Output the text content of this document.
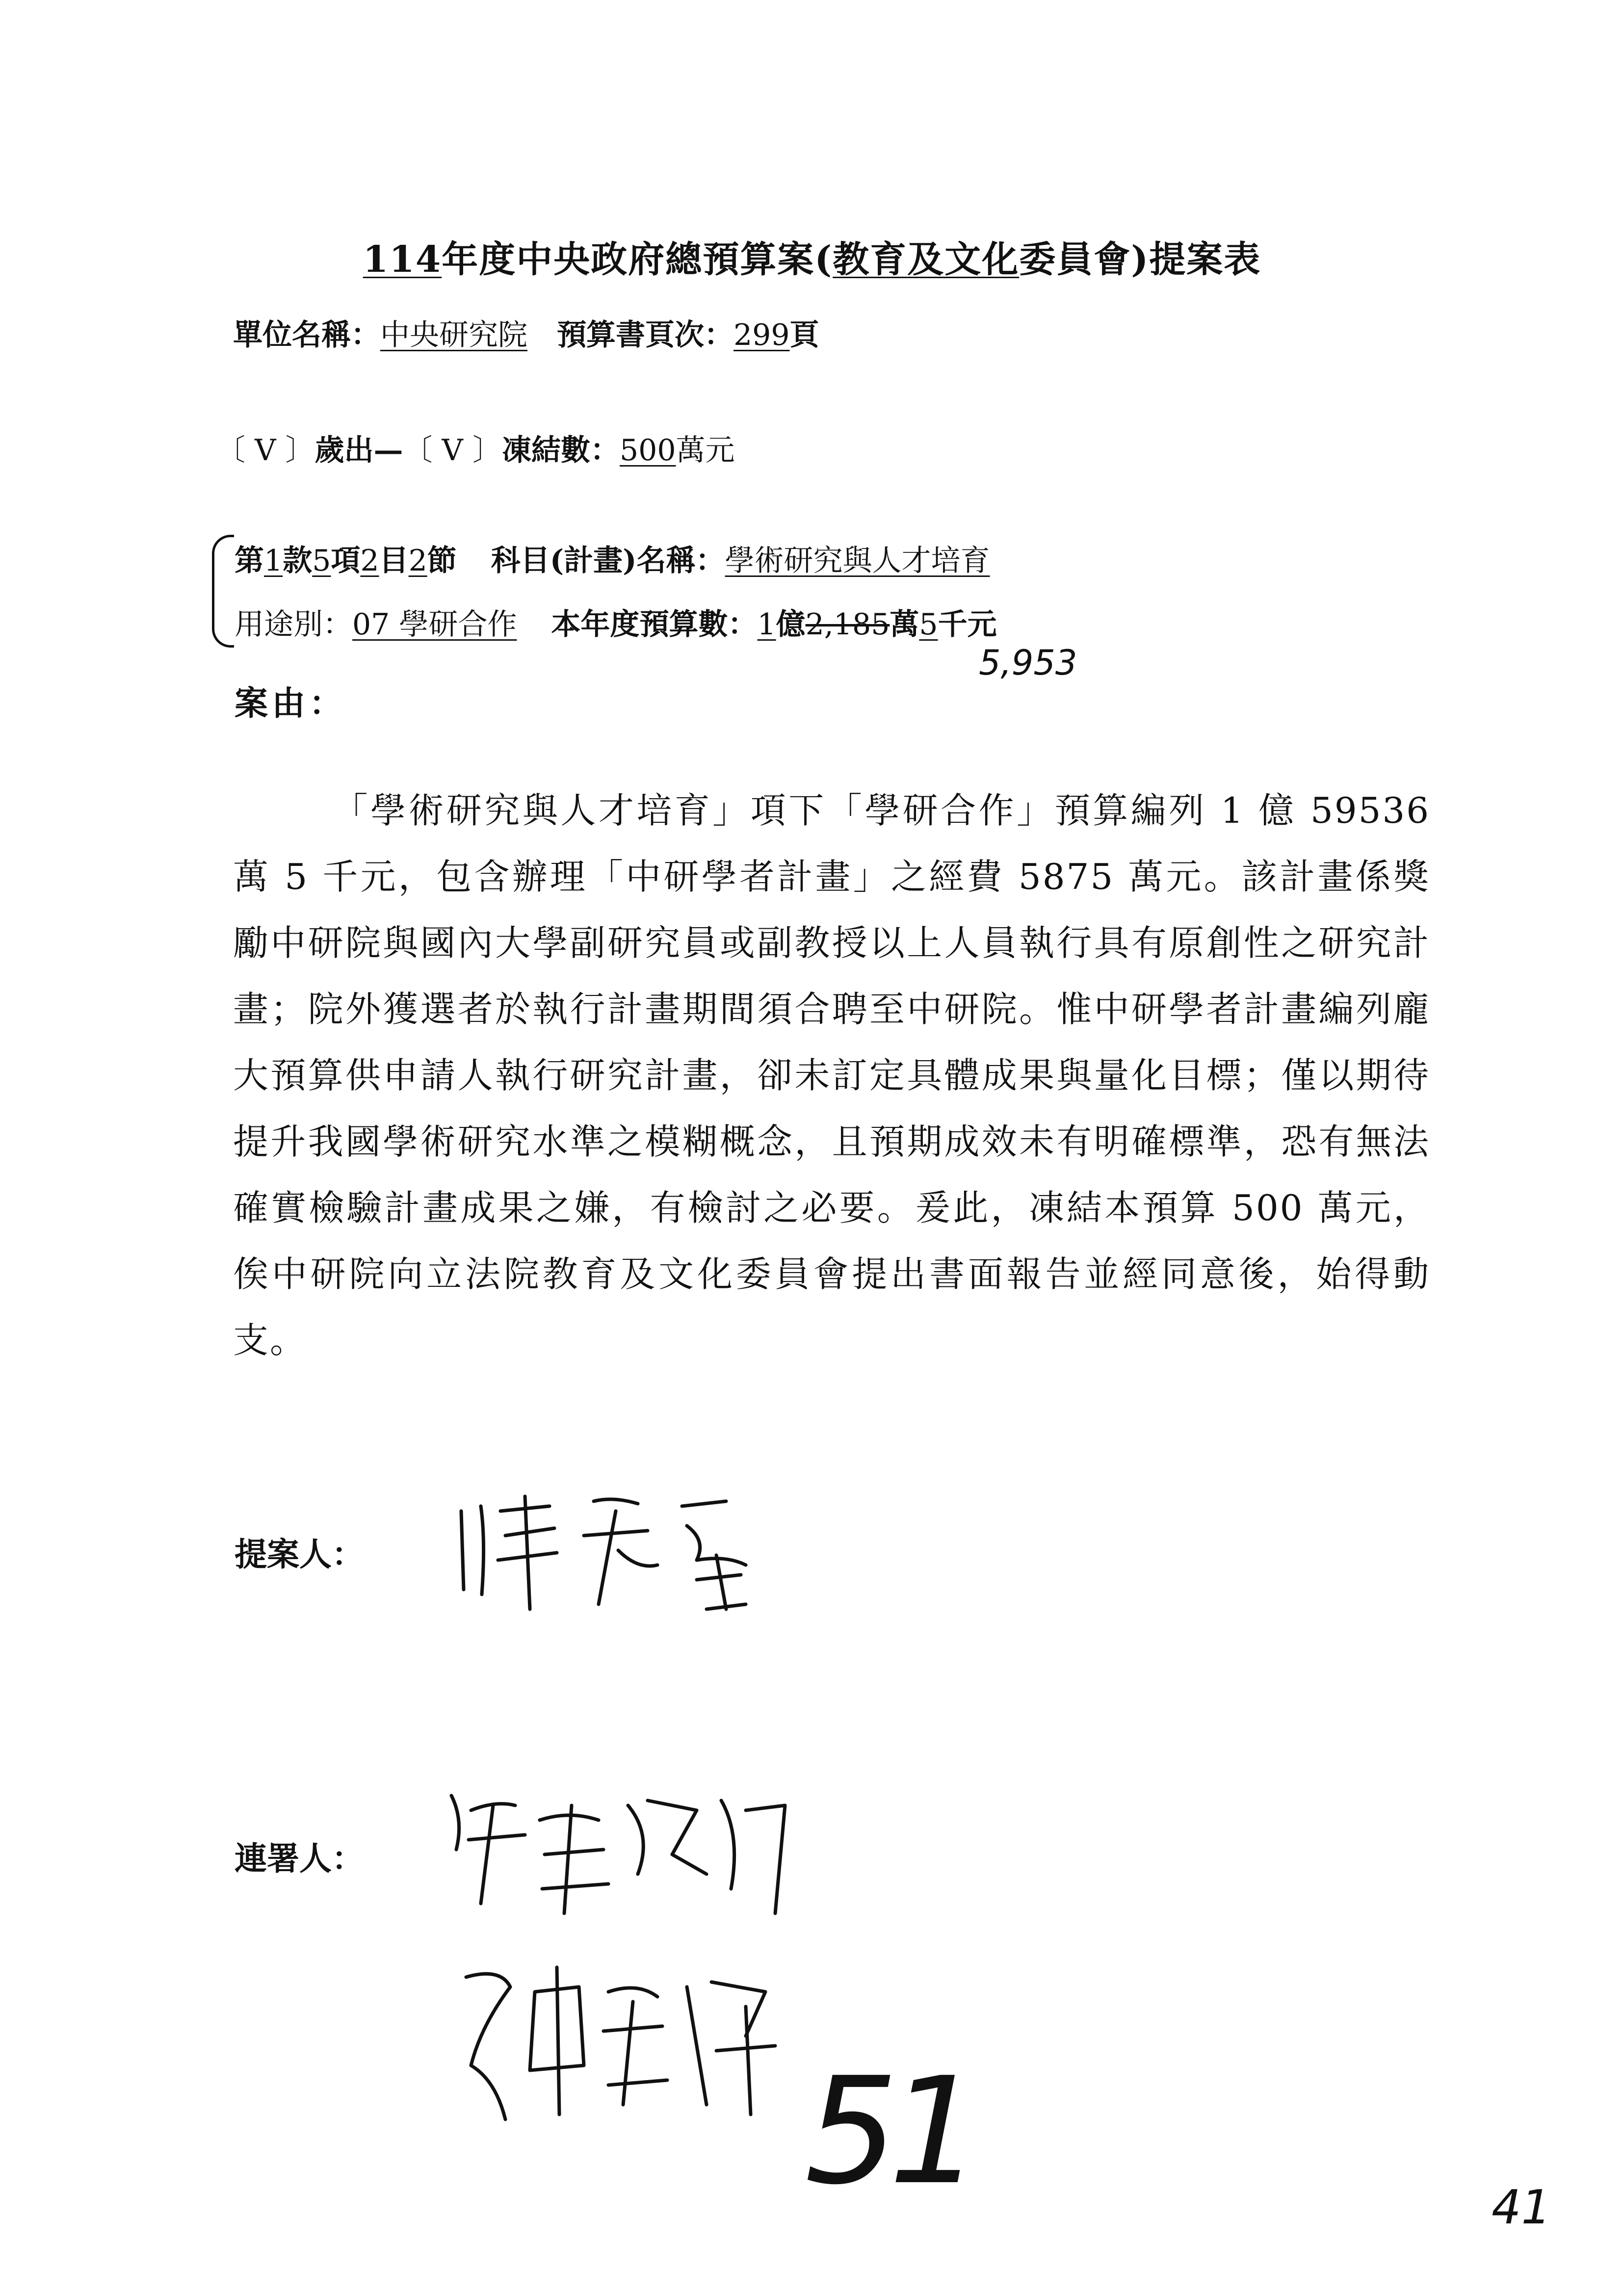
114年度中央政府總預算案(教育及文化委員會)提案表
單位名稱：中央研究院 預算書頁次：299頁
〔 V 〕歲出—〔 V 〕凍結數：500萬元
第1款5項2目2節 科目(計畫)名稱：學術研究與人才培育
用途別：07 學研合作 本年度預算數：1億2,185萬5千元
5,953
案由：
「學術研究與人才培育」項下「學研合作」預算編列 1 億 59536 萬 5 千元，包含辦理「中研學者計畫」之經費 5875 萬元。該計畫係獎勵中研院與國內大學副研究員或副教授以上人員執行具有原創性之研究計畫；院外獲選者於執行計畫期間須合聘至中研院。惟中研學者計畫編列龐大預算供申請人執行研究計畫，卻未訂定具體成果與量化目標；僅以期待提升我國學術研究水準之模糊概念，且預期成效未有明確標準，恐有無法確實檢驗計畫成果之嫌，有檢討之必要。爰此，凍結本預算 500 萬元，俟中研院向立法院教育及文化委員會提出書面報告並經同意後，始得動支。
提案人：
連署人：
51	41
